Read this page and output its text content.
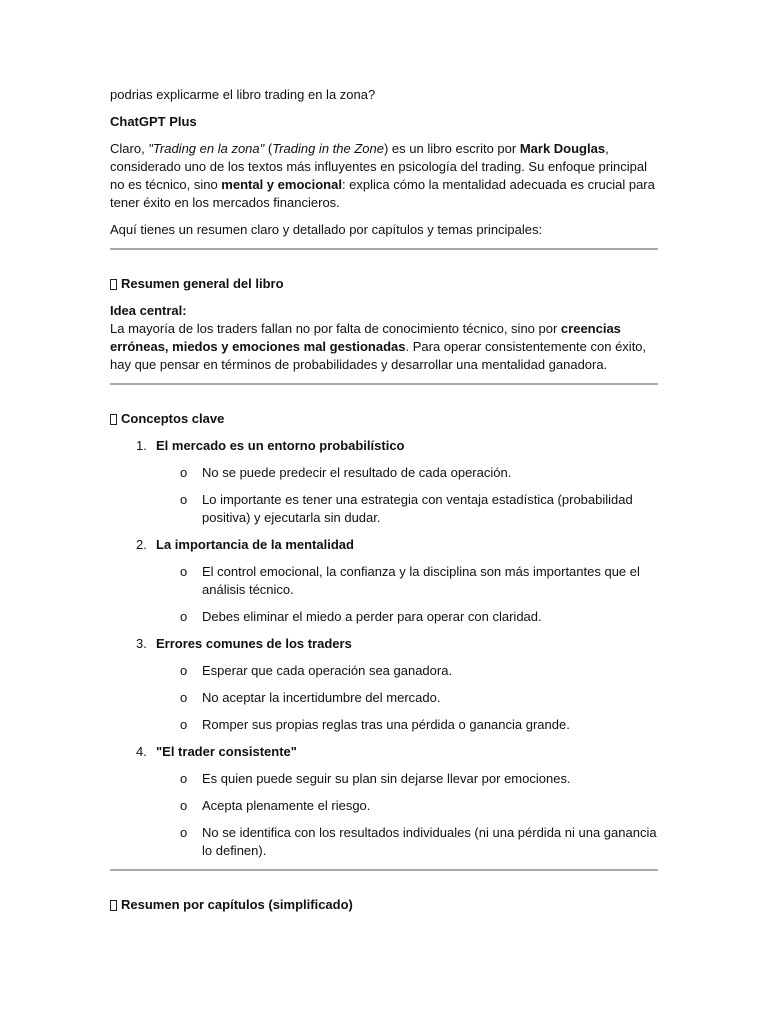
podrias explicarme el libro trading en la zona?

ChatGPT Plus

Claro, "Trading en la zona" (Trading in the Zone) es un libro escrito por Mark Douglas, considerado uno de los textos más influyentes en psicología del trading. Su enfoque principal no es técnico, sino mental y emocional: explica cómo la mentalidad adecuada es crucial para tener éxito en los mercados financieros.

Aquí tienes un resumen claro y detallado por capítulos y temas principales:

Resumen general del libro

Idea central:

La mayoría de los traders fallan no por falta de conocimiento técnico, sino por creencias erróneas, miedos y emociones mal gestionadas. Para operar consistentemente con éxito, hay que pensar en términos de probabilidades y desarrollar una mentalidad ganadora.

Conceptos clave
1. El mercado es un entorno probabilístico
o	No se puede predecir el resultado de cada operación.
o	Lo importante es tener una estrategia con ventaja estadística (probabilidad positiva) y ejecutarla sin dudar.
2. La importancia de la mentalidad
o	El control emocional, la confianza y la disciplina son más importantes que el análisis técnico.
o	Debes eliminar el miedo a perder para operar con claridad.
3. Errores comunes de los traders
o	Esperar que cada operación sea ganadora.
o	No aceptar la incertidumbre del mercado.
o	Romper sus propias reglas tras una pérdida o ganancia grande.
4. "El trader consistente"
o	Es quien puede seguir su plan sin dejarse llevar por emociones.
o	Acepta plenamente el riesgo.
o	No se identifica con los resultados individuales (ni una pérdida ni una ganancia lo definen).
Resumen por capítulos (simplificado)
